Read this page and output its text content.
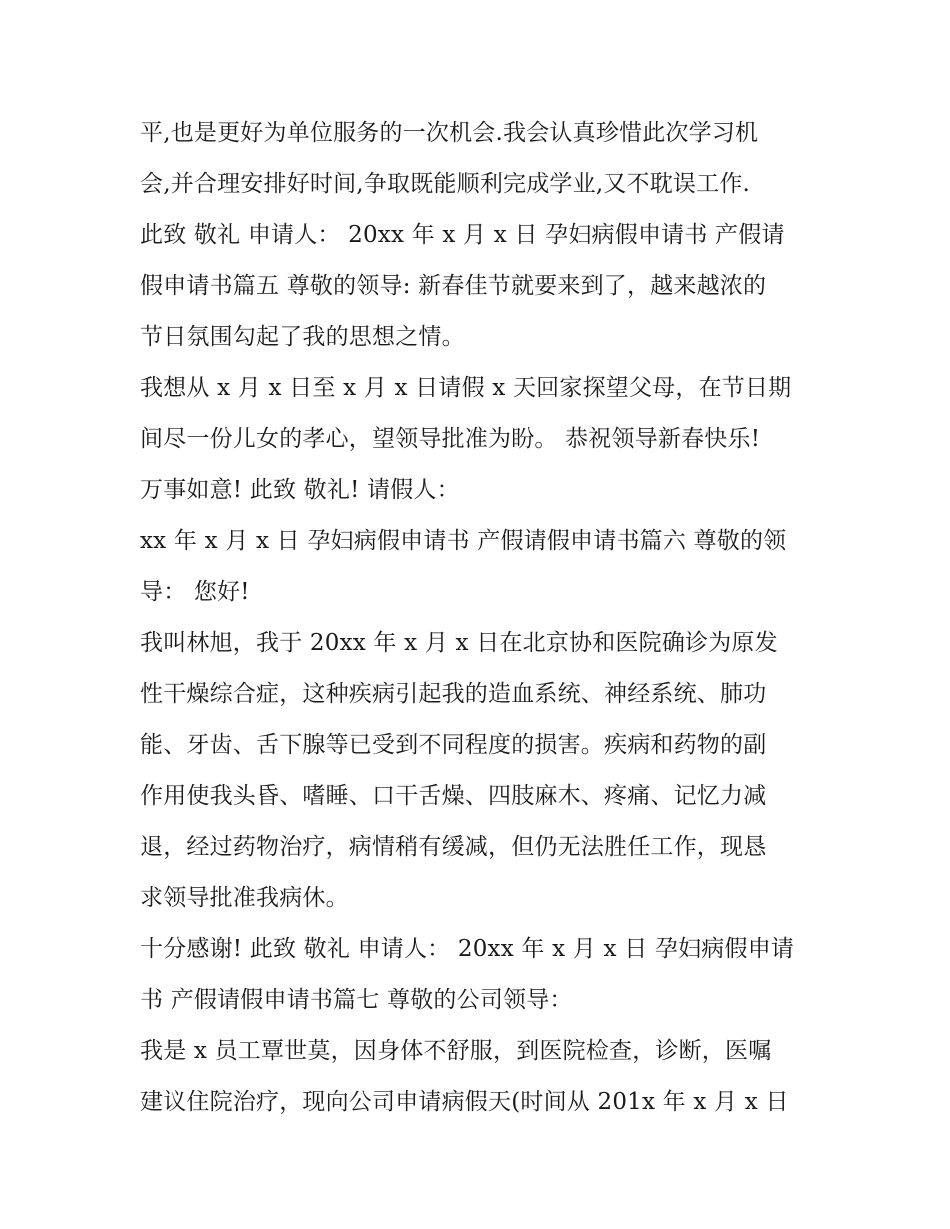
平,也是更好为单位服务的一次机会.我会认真珍惜此次学习机
会,并合理安排好时间,争取既能顺利完成学业,又不耽误工作.
此致 敬礼 申请人： 20xx 年 x 月 x 日 孕妇病假申请书 产假请
假申请书篇五 尊敬的领导: 新春佳节就要来到了，越来越浓的
节日氛围勾起了我的思想之情。
我想从 x 月 x 日至 x 月 x 日请假 x 天回家探望父母，在节日期
间尽一份儿女的孝心，望领导批准为盼。 恭祝领导新春快乐!
万事如意! 此致 敬礼! 请假人：
xx 年 x 月 x 日 孕妇病假申请书 产假请假申请书篇六 尊敬的领
导： 您好!
我叫林旭，我于 20xx 年 x 月 x 日在北京协和医院确诊为原发
性干燥综合症，这种疾病引起我的造血系统、神经系统、肺功
能、牙齿、舌下腺等已受到不同程度的损害。疾病和药物的副
作用使我头昏、嗜睡、口干舌燥、四肢麻木、疼痛、记忆力减
退，经过药物治疗，病情稍有缓减，但仍无法胜任工作，现恳
求领导批准我病休。
十分感谢! 此致 敬礼 申请人： 20xx 年 x 月 x 日 孕妇病假申请
书 产假请假申请书篇七 尊敬的公司领导：
我是 x 员工覃世莫，因身体不舒服，到医院检查，诊断，医嘱
建议住院治疗，现向公司申请病假天(时间从 201x 年 x 月 x 日
